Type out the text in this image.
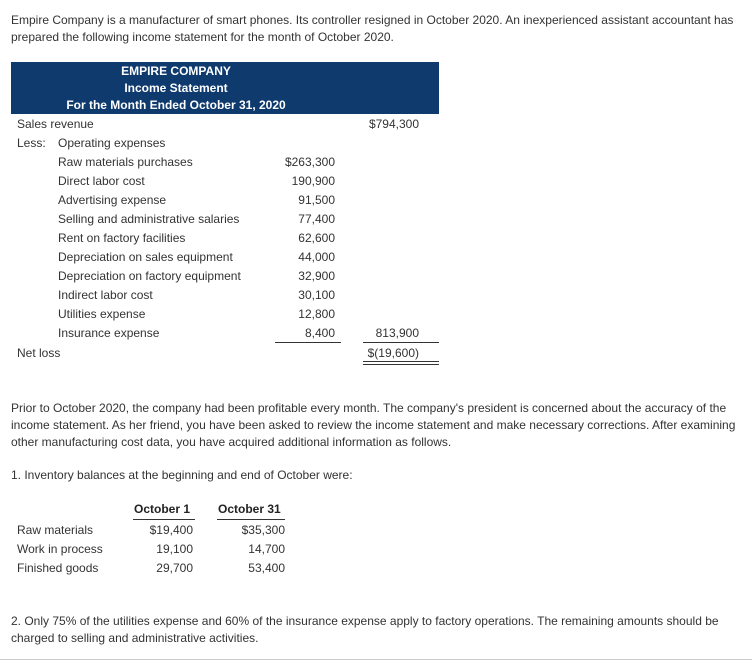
Empire Company is a manufacturer of smart phones. Its controller resigned in October 2020. An inexperienced assistant accountant has prepared the following income statement for the month of October 2020.

EMPIRE COMPANY
Income Statement
For the Month Ended October 31, 2020
Sales revenue	$794,300
Less: Operating expenses
Raw materials purchases	$263,300
Direct labor cost	190,900
Advertising expense	91,500
Selling and administrative salaries	77,400
Rent on factory facilities	62,600
Depreciation on sales equipment	44,000
Depreciation on factory equipment	32,900
Indirect labor cost	30,100
Utilities expense	12,800
Insurance expense	8,400	813,900
Net loss	$(19,600)

Prior to October 2020, the company had been profitable every month. The company's president is concerned about the accuracy of the income statement. As her friend, you have been asked to review the income statement and make necessary corrections. After examining other manufacturing cost data, you have acquired additional information as follows.

1. Inventory balances at the beginning and end of October were:

October 1 October 31
Raw materials	$19,400	$35,300
Work in process	19,100	14,700
Finished goods	29,700	53,400

2. Only 75% of the utilities expense and 60% of the insurance expense apply to factory operations. The remaining amounts should be charged to selling and administrative activities.
